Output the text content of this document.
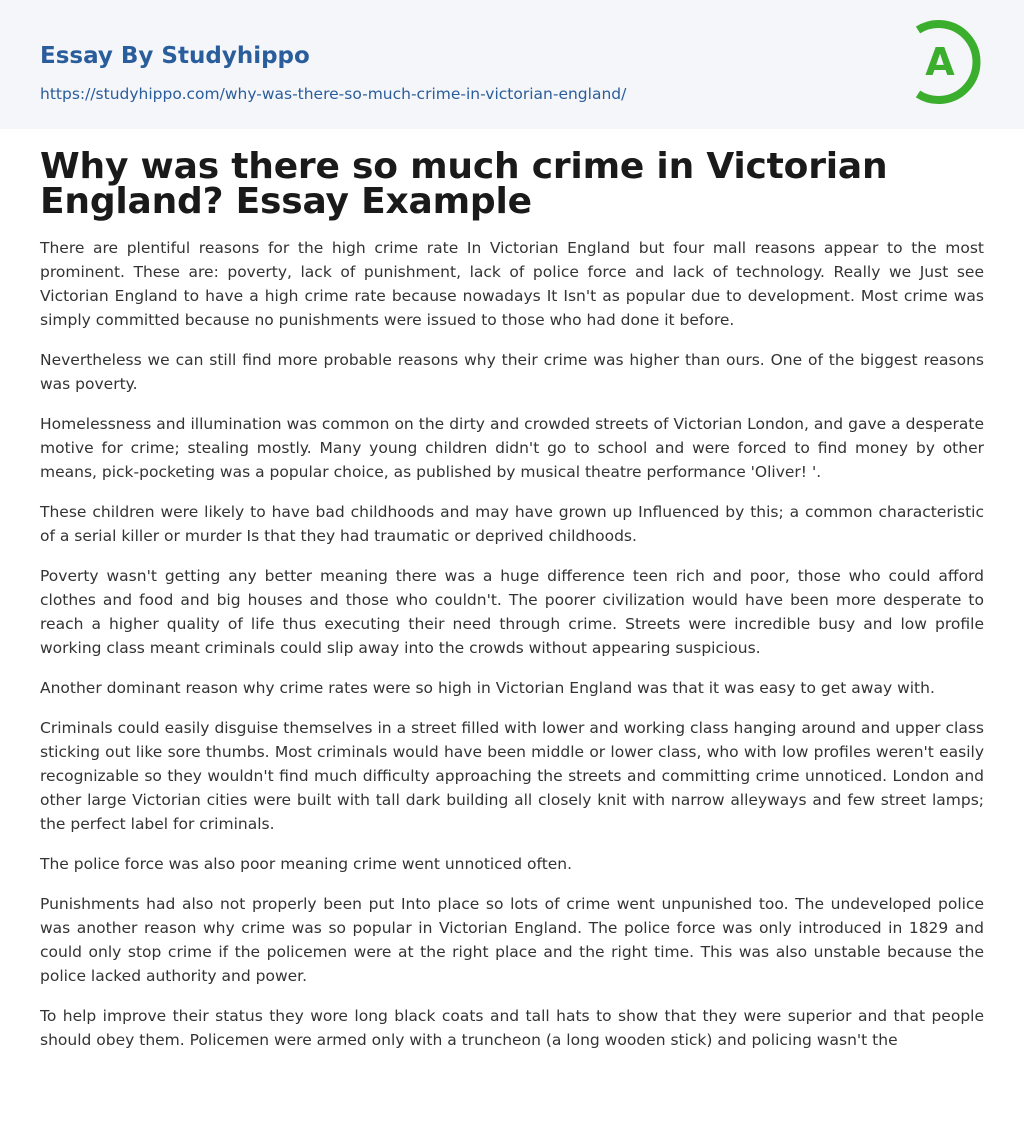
Essay By Studyhippo
https://studyhippo.com/why-was-there-so-much-crime-in-victorian-england/
A
Why was there so much crime in Victorian England? Essay Example

There are plentiful reasons for the high crime rate In Victorian England but four mall reasons appear to the most prominent. These are: poverty, lack of punishment, lack of police force and lack of technology. Really we Just see Victorian England to have a high crime rate because nowadays It Isn't as popular due to development. Most crime was simply committed because no punishments were issued to those who had done it before.

Nevertheless we can still find more probable reasons why their crime was higher than ours. One of the biggest reasons was poverty.

Homelessness and illumination was common on the dirty and crowded streets of Victorian London, and gave a desperate motive for crime; stealing mostly. Many young children didn't go to school and were forced to find money by other means, pick-pocketing was a popular choice, as published by musical theatre performance 'Oliver! '.

These children were likely to have bad childhoods and may have grown up Influenced by this; a common characteristic of a serial killer or murder Is that they had traumatic or deprived childhoods.

Poverty wasn't getting any better meaning there was a huge difference teen rich and poor, those who could afford clothes and food and big houses and those who couldn't. The poorer civilization would have been more desperate to reach a higher quality of life thus executing their need through crime. Streets were incredible busy and low profile working class meant criminals could slip away into the crowds without appearing suspicious.

Another dominant reason why crime rates were so high in Victorian England was that it was easy to get away with.

Criminals could easily disguise themselves in a street filled with lower and working class hanging around and upper class sticking out like sore thumbs. Most criminals would have been middle or lower class, who with low profiles weren't easily recognizable so they wouldn't find much difficulty approaching the streets and committing crime unnoticed. London and other large Victorian cities were built with tall dark building all closely knit with narrow alleyways and few street lamps; the perfect label for criminals.

The police force was also poor meaning crime went unnoticed often.

Punishments had also not properly been put Into place so lots of crime went unpunished too. The undeveloped police was another reason why crime was so popular in Victorian England. The police force was only introduced in 1829 and could only stop crime if the policemen were at the right place and the right time. This was also unstable because the police lacked authority and power.

To help improve their status they wore long black coats and tall hats to show that they were superior and that people should obey them. Policemen were armed only with a truncheon (a long wooden stick) and policing wasn't the
